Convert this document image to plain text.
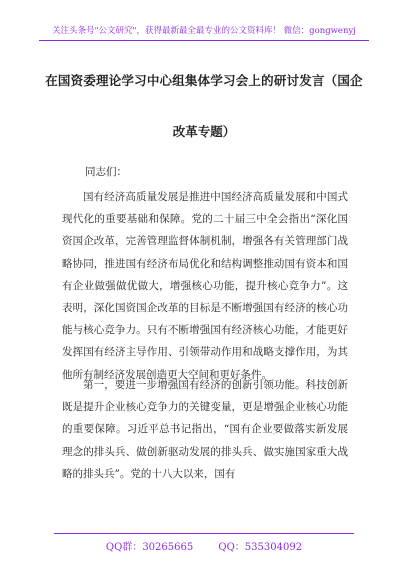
关注头条号"公文研究"，获得最新最全最专业的公文资料库！ 微信：gongwenyj
在国资委理论学习中心组集体学习会上的研讨发言（国企
改革专题）
同志们：
国有经济高质量发展是推进中国经济高质量发展和中国式现代化的重要基础和保障。党的二十届三中全会指出“深化国资国企改革，完善管理监督体制机制，增强各有关管理部门战略协同，推进国有经济布局优化和结构调整推动国有资本和国有企业做强做优做大，增强核心功能，提升核心竞争力”。这表明，深化国资国企改革的目标是不断增强国有经济的核心功能与核心竞争力。只有不断增强国有经济核心功能，才能更好发挥国有经济主导作用、引领带动作用和战略支撑作用，为其他所有制经济发展创造更大空间和更好条件。
第一，要进一步增强国有经济的创新引领功能。科技创新既是提升企业核心竞争力的关键变量，更是增强企业核心功能的重要保障。习近平总书记指出，“国有企业要做落实新发展理念的排头兵、做创新驱动发展的排头兵、做实施国家重大战略的排头兵”。党的十八大以来，国有
QQ群：30265665	QQ：535304092
